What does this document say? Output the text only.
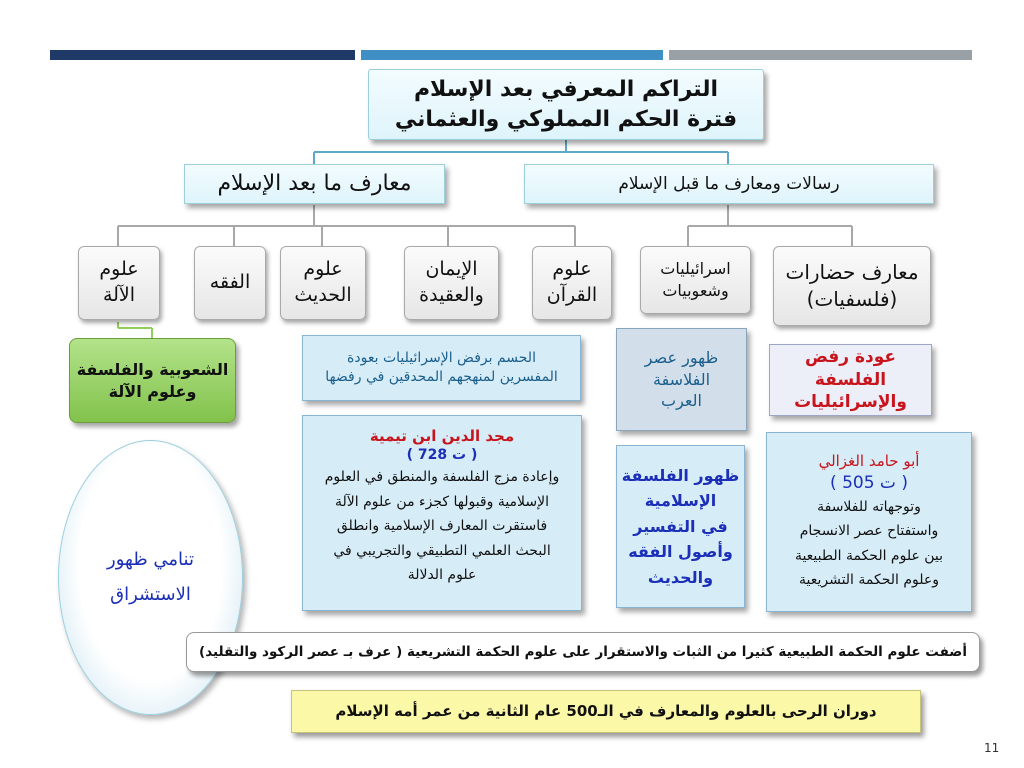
التراكم المعرفي بعد الإسلام
فترة الحكم المملوكي والعثماني
معارف ما بعد الإسلام	رسالات ومعارف ما قبل الإسلام
علوم
الآلة
الفقه
علوم
الحديث
الإيمان
والعقيدة
علوم
القرآن
اسرائيليات
وشعوبيات
معارف حضارات
(فلسفيات)
الشعوبية والفلسفة
وعلوم الآلة
الحسم برفض الإسرائيليات بعودة
المفسرين لمنهجهم المحدقين في رفضها
ظهور عصر
الفلاسفة
العرب
عودة رفض الفلسفة
والإسرائيليات
مجد الدين ابن تيمية
( ت 728 )
وإعادة مزج الفلسفة والمنطق في العلوم
الإسلامية وقبولها كجزء من علوم الآلة
فاستقرت المعارف الإسلامية وانطلق
البحث العلمي التطبيقي والتجريبي في
علوم الدلالة
ظهور الفلسفة
الإسلامية
في التفسير
وأصول الفقه
والحديث
أبو حامد الغزالي
( ت 505 )
وتوجهاته للفلاسفة
واستفتاح عصر الانسجام
بين علوم الحكمة الطبيعية
وعلوم الحكمة التشريعية
تنامي ظهور
الاستشراق
أضفت علوم الحكمة الطبيعية كثيرا من الثبات والاستقرار على علوم الحكمة التشريعية ( عرف بـ عصر الركود والتقليد)
دوران الرحى بالعلوم والمعارف في الـ500 عام الثانية من عمر أمه الإسلام
11
